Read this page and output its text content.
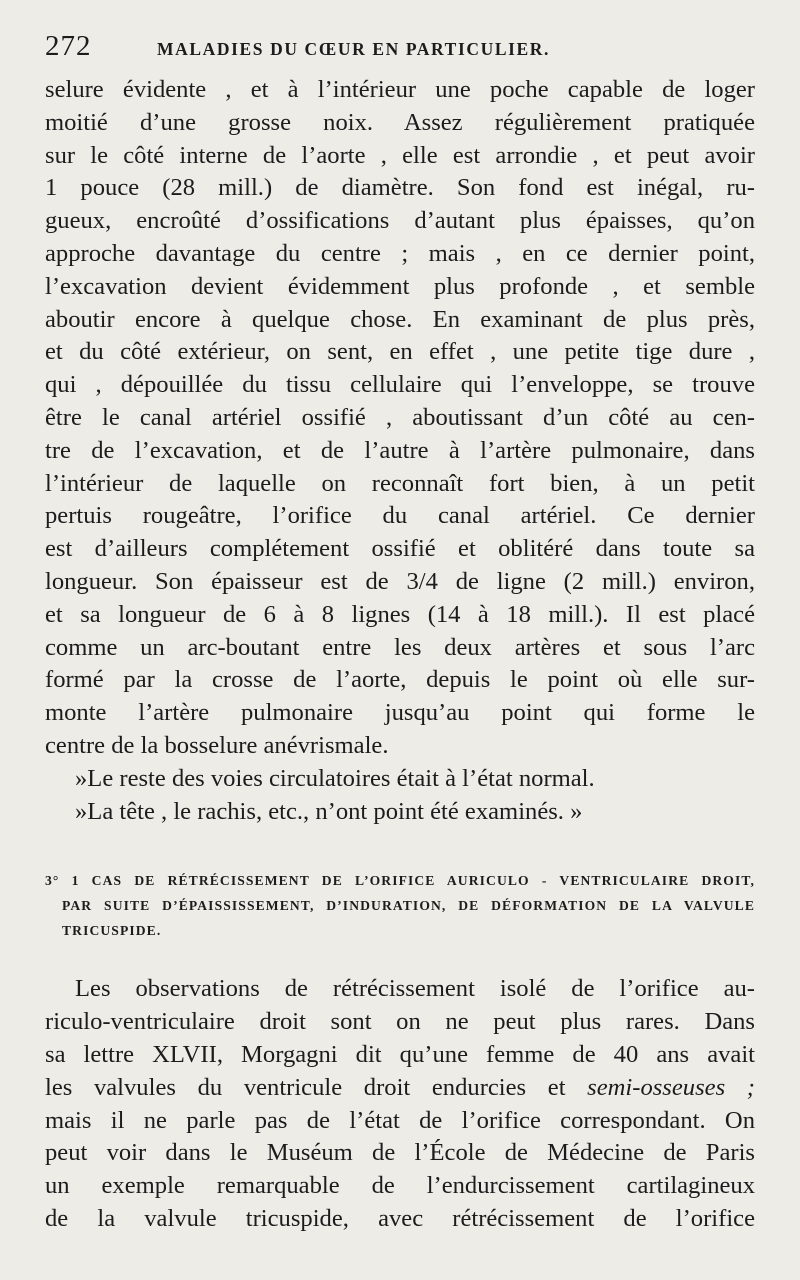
272	MALADIES DU CŒUR EN PARTICULIER.
selure évidente , et à l’intérieur une poche capable de loger
moitié d’une grosse noix. Assez régulièrement pratiquée
sur le côté interne de l’aorte , elle est arrondie , et peut avoir
1 pouce (28 mill.) de diamètre. Son fond est inégal, ru-
gueux, encroûté d’ossifications d’autant plus épaisses, qu’on
approche davantage du centre ; mais , en ce dernier point,
l’excavation devient évidemment plus profonde , et semble
aboutir encore à quelque chose. En examinant de plus près,
et du côté extérieur, on sent, en effet , une petite tige dure ,
qui , dépouillée du tissu cellulaire qui l’enveloppe, se trouve
être le canal artériel ossifié , aboutissant d’un côté au cen-
tre de l’excavation, et de l’autre à l’artère pulmonaire, dans
l’intérieur de laquelle on reconnaît fort bien, à un petit
pertuis rougeâtre, l’orifice du canal artériel. Ce dernier
est d’ailleurs complétement ossifié et oblitéré dans toute sa
longueur. Son épaisseur est de 3/4 de ligne (2 mill.) environ,
et sa longueur de 6 à 8 lignes (14 à 18 mill.). Il est placé
comme un arc-boutant entre les deux artères et sous l’arc
formé par la crosse de l’aorte, depuis le point où elle sur-
monte l’artère pulmonaire jusqu’au point qui forme le
centre de la bosselure anévrismale.
»Le reste des voies circulatoires était à l’état normal.
»La tête , le rachis, etc., n’ont point été examinés. »
3° 1 CAS DE RÉTRÉCISSEMENT DE L’ORIFICE AURICULO - VENTRICULAIRE DROIT,
PAR SUITE D’ÉPAISSISSEMENT, D’INDURATION, DE DÉFORMATION DE LA VALVULE
TRICUSPIDE.
Les observations de rétrécissement isolé de l’orifice au-
riculo-ventriculaire droit sont on ne peut plus rares. Dans
sa lettre XLVII, Morgagni dit qu’une femme de 40 ans avait
les valvules du ventricule droit endurcies et semi-osseuses ;
mais il ne parle pas de l’état de l’orifice correspondant. On
peut voir dans le Muséum de l’École de Médecine de Paris
un exemple remarquable de l’endurcissement cartilagineux
de la valvule tricuspide, avec rétrécissement de l’orifice
